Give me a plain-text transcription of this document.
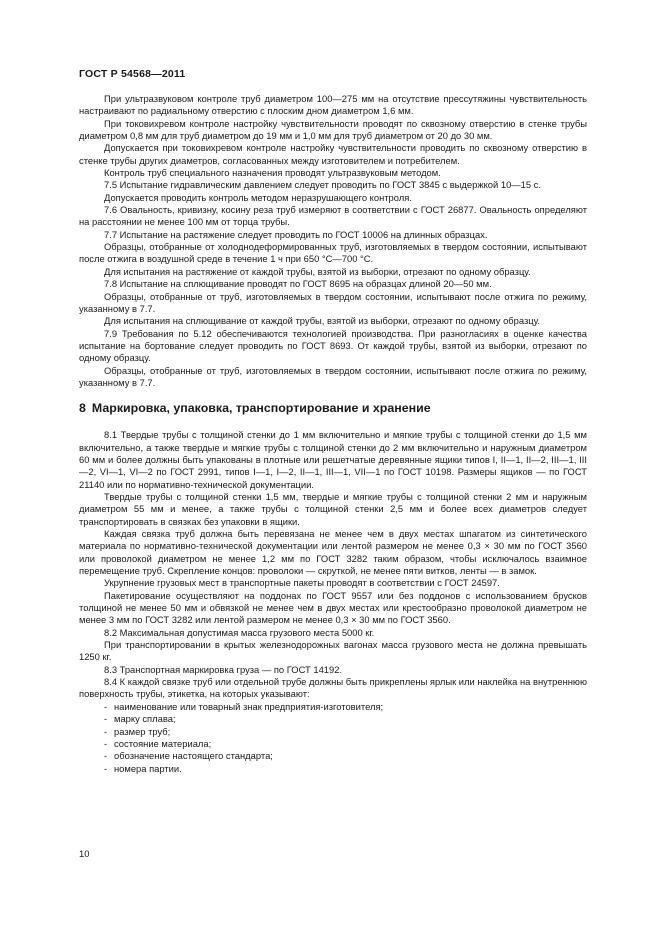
ГОСТ Р 54568—2011

При ультразвуковом контроле труб диаметром 100—275 мм на отсутствие прессутяжины чувствительность настраивают по радиальному отверстию с плоским дном диаметром 1,6 мм.

При токовихревом контроле настройку чувствительности проводят по сквозному отверстию в стенке трубы диаметром 0,8 мм для труб диаметром до 19 мм и 1,0 мм для труб диаметром от 20 до 30 мм.

Допускается при токовихревом контроле настройку чувствительности проводить по сквозному отверстию в стенке трубы других диаметров, согласованных между изготовителем и потребителем.

Контроль труб специального назначения проводят ультразвуковым методом.

7.5 Испытание гидравлическим давлением следует проводить по ГОСТ 3845 с выдержкой 10—15 с.

Допускается проводить контроль методом неразрушающего контроля.

7.6 Овальность, кривизну, косину реза труб измеряют в соответствии с ГОСТ 26877. Овальность определяют на расстоянии не менее 100 мм от торца трубы.

7.7 Испытание на растяжение следует проводить по ГОСТ 10006 на длинных образцах.

Образцы, отобранные от холоднодеформированных труб, изготовляемых в твердом состоянии, испытывают после отжига в воздушной среде в течение 1 ч при 650 °С—700 °С.

Для испытания на растяжение от каждой трубы, взятой из выборки, отрезают по одному образцу.

7.8 Испытание на сплющивание проводят по ГОСТ 8695 на образцах длиной 20—50 мм.

Образцы, отобранные от труб, изготовляемых в твердом состоянии, испытывают после отжига по режиму, указанному в 7.7.

Для испытания на сплющивание от каждой трубы, взятой из выборки, отрезают по одному образцу.

7.9 Требования по 5.12 обеспечиваются технологией производства. При разногласиях в оценке качества испытание на бортование следует проводить по ГОСТ 8693. От каждой трубы, взятой из выборки, отрезают по одному образцу.

Образцы, отобранные от труб, изготовляемых в твердом состоянии, испытывают после отжига по режиму, указанному в 7.7.

8 Маркировка, упаковка, транспортирование и хранение

8.1 Твердые трубы с толщиной стенки до 1 мм включительно и мягкие трубы с толщиной стенки до 1,5 мм включительно, а также твердые и мягкие трубы с толщиной стенки до 2 мм включительно и наружным диаметром 60 мм и более должны быть упакованы в плотные или решетчатые деревянные ящики типов I, II—1, II—2, III—1, III—2, VI—1, VI—2 по ГОСТ 2991, типов I—1, I—2, II—1, III—1, VII—1 по ГОСТ 10198. Размеры ящиков — по ГОСТ 21140 или по нормативно-технической документации.

Твердые трубы с толщиной стенки 1,5 мм, твердые и мягкие трубы с толщиной стенки 2 мм и наружным диаметром 55 мм и менее, а также трубы с толщиной стенки 2,5 мм и более всех диаметров следует транспортировать в связках без упаковки в ящики.

Каждая связка труб должна быть перевязана не менее чем в двух местах шпагатом из синтетического материала по нормативно-технической документации или лентой размером не менее 0,3 × 30 мм по ГОСТ 3560 или проволокой диаметром не менее 1,2 мм по ГОСТ 3282 таким образом, чтобы исключалось взаимное перемещение труб. Скрепление концов: проволоки — скруткой, не менее пяти витков, ленты — в замок.

Укрупнение грузовых мест в транспортные пакеты проводят в соответствии с ГОСТ 24597.

Пакетирование осуществляют на поддонах по ГОСТ 9557 или без поддонов с использованием брусков толщиной не менее 50 мм и обвязкой не менее чем в двух местах или крестообразно проволокой диаметром не менее 3 мм по ГОСТ 3282 или лентой размером не менее 0,3 × 30 мм по ГОСТ 3560.

8.2 Максимальная допустимая масса грузового места 5000 кг.

При транспортировании в крытых железнодорожных вагонах масса грузового места не должна превышать 1250 кг.

8.3 Транспортная маркировка груза — по ГОСТ 14192.

8.4 К каждой связке труб или отдельной трубе должны быть прикреплены ярлык или наклейка на внутреннюю поверхность трубы, этикетка, на которых указывают:

- наименование или товарный знак предприятия-изготовителя;
- марку сплава;
- размер труб;
- состояние материала;
- обозначение настоящего стандарта;
- номера партии.
10
